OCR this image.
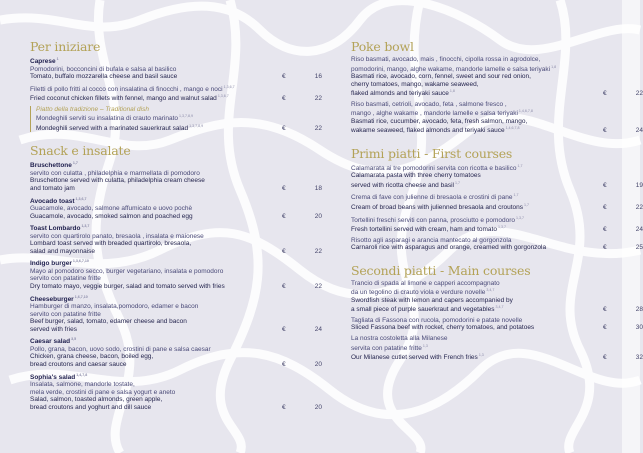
Per iniziare
Caprese$^1$
Pomodorini, bocconcini di bufala e salsa al basilico
Tomato, buffalo mozzarella cheese and basil sauce	€	16
Filetti di pollo fritti al cocco con insalatina di finocchi , mango e noci$^{1,3,6,7}$
Fried coconut chicken fillets with fennel, mango and walnut salad$^{1,3,6,7}$	€	22
Piatto della tradizione – Traditional dish
Mondeghili serviti su insalatina di crauto marinato$^{1,3,7,8,9}$
Mondeghili served with a marinated sauerkraut salad$^{1,3,7,8,9}$	€	22
Snack e insalate
Bruschettone$^{1,7}$
servito con culatta , philadelphia e marmellata di pomodoro
Bruschettone served with culatta, philadelphia cream cheese
and tomato jam	€	18
Avocado toast$^{1,3,6,7}$
Guacamole, avocado, salmone affumicato e uovo pochè
Guacamole, avocado, smoked salmon and poached egg	€	20
Toast Lombardo$^{1,3,7}$
servito con quartirolo panato, bresaola , insalata e maionese
Lombard toast served with breaded quartirolo, bresaola,
salad and mayonnaise	€	22
Indigo burger$^{1,3,6,7,10}$
Mayo al pomodoro secco, burger vegetariano, insalata e pomodoro
servito con patatine fritte
Dry tomato mayo, veggie burger, salad and tomato served with fries	€	22
Cheeseburger$^{1,6,7,10}$
Hamburger di manzo, insalata,pomodoro, edamer e bacon
servito con patatine fritte
Beef burger, salad, tomato, edamer cheese and bacon
served with fries	€	24
Caesar salad$^{3,5}$
Pollo, grana, bacon, uovo sodo, crostini di pane e salsa caesar
Chicken, grana cheese, bacon, boiled egg,
bread croutons and caesar sauce	€	20
Sophia's salad$^{1,4,7,8}$
Insalata, salmone, mandorle tostate,
mela verde, crostini di pane e salsa yogurt e aneto
Salad, salmon, toasted almonds, green apple,
bread croutons and yoghurt and dill sauce	€	20
Poke bowl
Riso basmati, avocado, mais , finocchi, cipolla rossa in agrodolce,
pomodorini, mango, alghe wakame, mandorle lamelle e salsa teriyaki$^{1,8}$
Basmati rice, avocado, corn, fennel, sweet and sour red onion,
cherry tomatoes, mango, wakame seaweed,
flaked almonds and teriyaki sauce$^{1,8}$	€	22
Riso basmati, cetrioli, avocado, feta , salmone fresco ,
mango , alghe wakame , mandorle lamelle e salsa teriyaki$^{1,4,6,7,8}$
Basmati rice, cucumber, avocado, feta, fresh salmon, mango,
wakame seaweed, flaked almonds and teriyaki sauce$^{1,4,6,7,8}$	€	24
Primi piatti - First courses
Calamarata ai tre pomodorini servita con ricotta e basilico$^{1,7}$
Calamarata pasta with three cherry tomatoes
served with ricotta cheese and basil$^{1,7}$	€	19
Crema di fave con julienne di bresaola e crostini di pane$^{1,7}$
Cream of broad beans with julienned bresaola and croutons$^{1,7}$	€	22
Tortellini freschi serviti con panna, prosciutto e pomodoro$^{1,3,7}$
Fresh tortellini served with cream, ham and tomato$^{1,3,7}$	€	24
Risotto agli asparagi e arancia mantecato al gorgonzola
Carnaroli rice with asparagus and orange, creamed with gorgonzola	€	25
Secondi piatti - Main courses
Trancio di spada al limone e capperi accompagnato
da un tegolino di crauto viola e verdure novelle$^{3,4,7}$
Swordfish steak with lemon and capers accompanied by
a small piece of purple sauerkraut and vegetables$^{3,4,7}$	€	28
Tagliata di Fassona con rucola, pomodorini e patate novelle
Sliced Fassona beef with rocket, cherry tomatoes, and potatoes	€	30
La nostra costoletta alla Milanese
servita con patatine fritte$^{1,3}$
Our Milanese cutlet served with French fries$^{1,3}$	€	32
